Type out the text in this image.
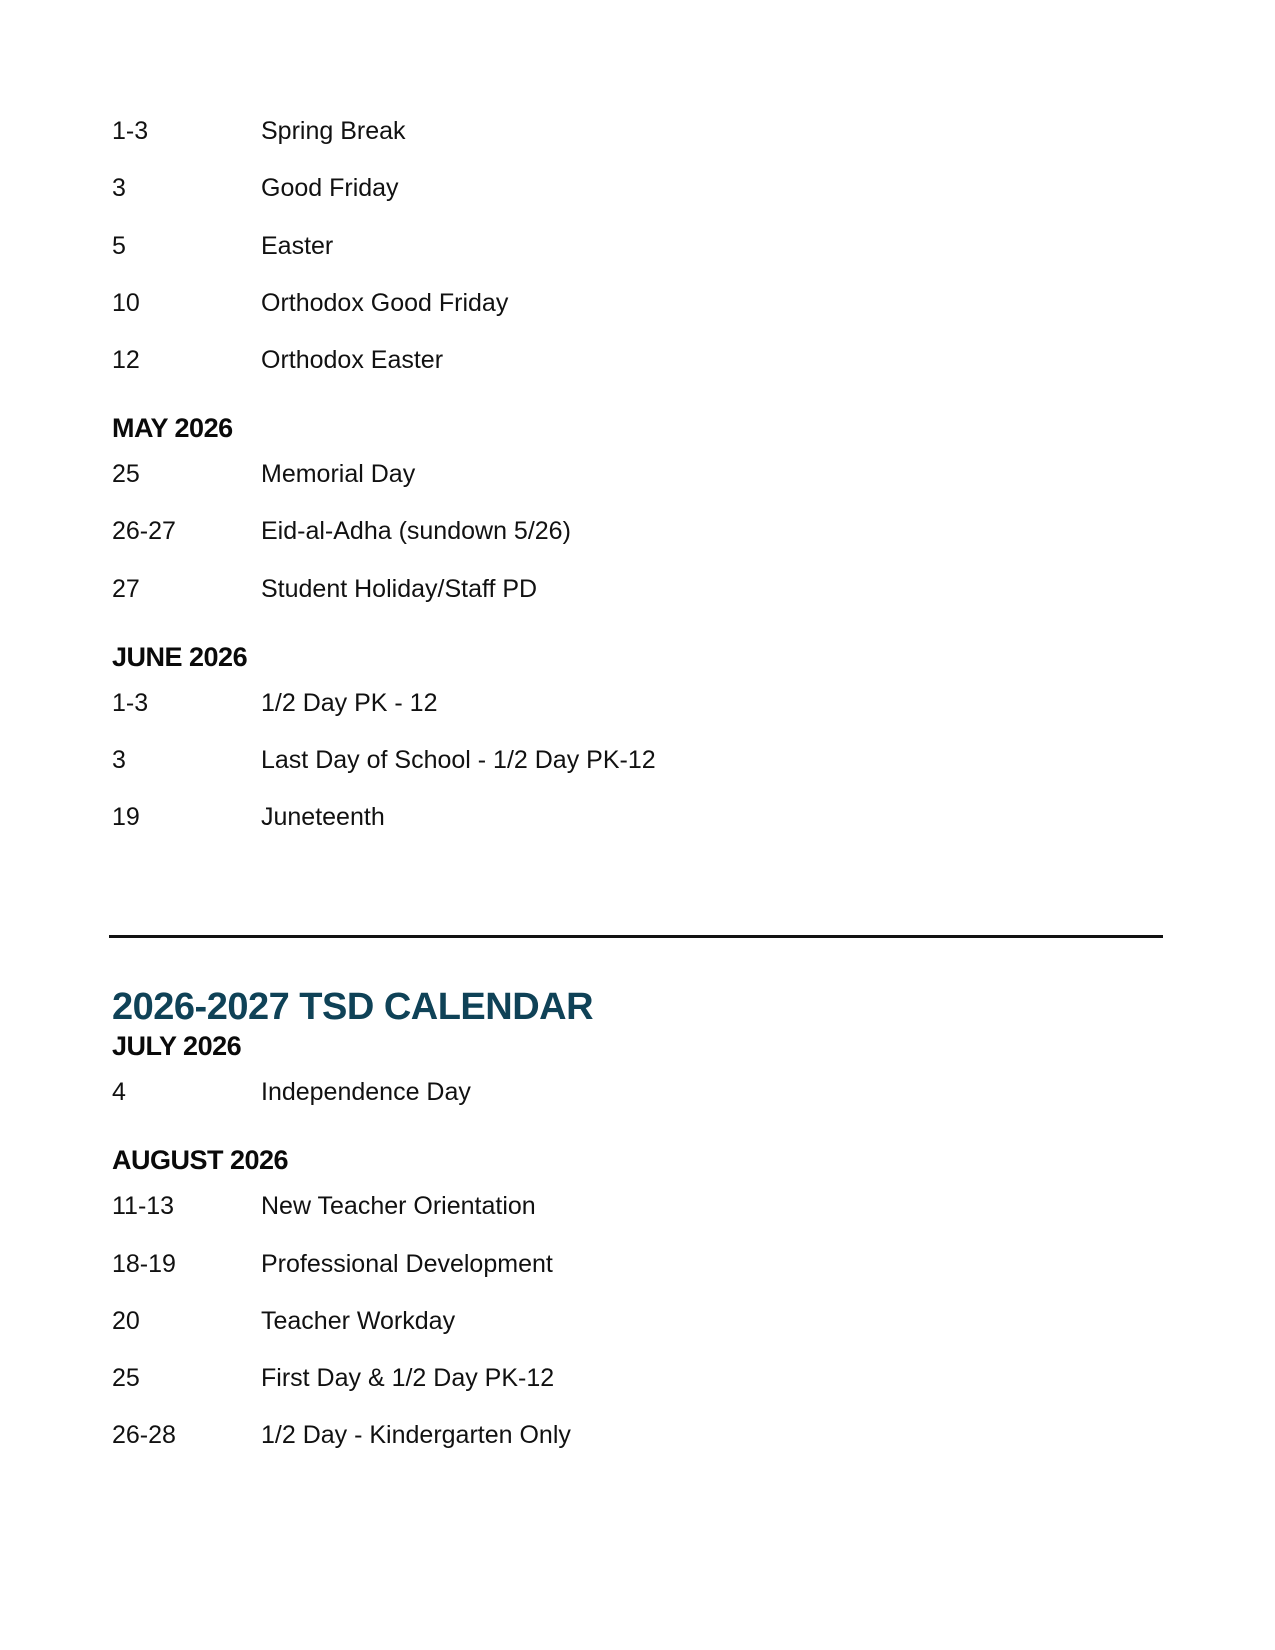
1-3	Spring Break
3	Good Friday
5	Easter
10	Orthodox Good Friday
12	Orthodox Easter
MAY 2026
25	Memorial Day
26-27	Eid-al-Adha (sundown 5/26)
27	Student Holiday/Staff PD
JUNE 2026
1-3	1/2 Day PK - 12
3	Last Day of School - 1/2 Day PK-12
19	Juneteenth
2026-2027 TSD CALENDAR
JULY 2026
4	Independence Day
AUGUST 2026
11-13	New Teacher Orientation
18-19	Professional Development
20	Teacher Workday
25	First Day & 1/2 Day PK-12
26-28	1/2 Day - Kindergarten Only
